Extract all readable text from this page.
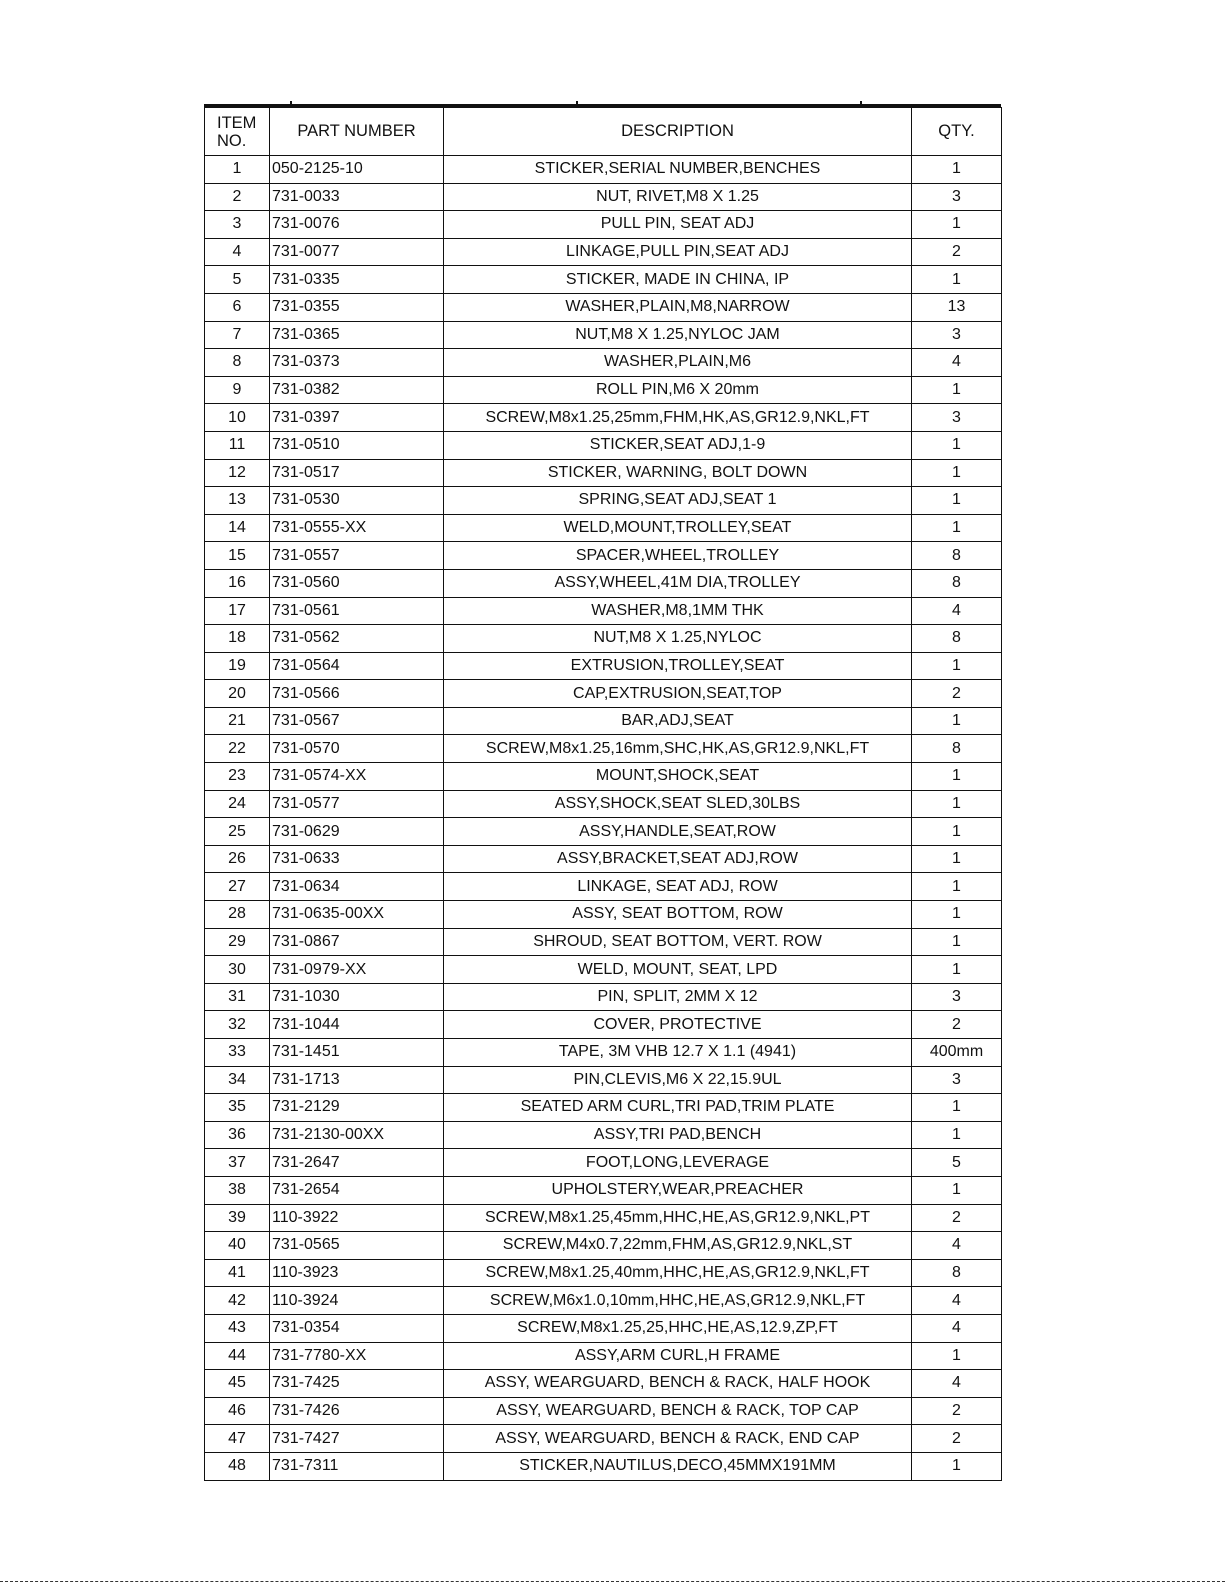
ITEM NO.	PART NUMBER	DESCRIPTION	QTY.
1	050-2125-10	STICKER,SERIAL NUMBER,BENCHES	1
2	731-0033	NUT, RIVET,M8 X 1.25	3
3	731-0076	PULL PIN, SEAT ADJ	1
4	731-0077	LINKAGE,PULL PIN,SEAT ADJ	2
5	731-0335	STICKER, MADE IN CHINA, IP	1
6	731-0355	WASHER,PLAIN,M8,NARROW	13
7	731-0365	NUT,M8 X 1.25,NYLOC JAM	3
8	731-0373	WASHER,PLAIN,M6	4
9	731-0382	ROLL PIN,M6 X 20mm	1
10	731-0397	SCREW,M8x1.25,25mm,FHM,HK,AS,GR12.9,NKL,FT	3
11	731-0510	STICKER,SEAT ADJ,1-9	1
12	731-0517	STICKER, WARNING, BOLT DOWN	1
13	731-0530	SPRING,SEAT ADJ,SEAT 1	1
14	731-0555-XX	WELD,MOUNT,TROLLEY,SEAT	1
15	731-0557	SPACER,WHEEL,TROLLEY	8
16	731-0560	ASSY,WHEEL,41M DIA,TROLLEY	8
17	731-0561	WASHER,M8,1MM THK	4
18	731-0562	NUT,M8 X 1.25,NYLOC	8
19	731-0564	EXTRUSION,TROLLEY,SEAT	1
20	731-0566	CAP,EXTRUSION,SEAT,TOP	2
21	731-0567	BAR,ADJ,SEAT	1
22	731-0570	SCREW,M8x1.25,16mm,SHC,HK,AS,GR12.9,NKL,FT	8
23	731-0574-XX	MOUNT,SHOCK,SEAT	1
24	731-0577	ASSY,SHOCK,SEAT SLED,30LBS	1
25	731-0629	ASSY,HANDLE,SEAT,ROW	1
26	731-0633	ASSY,BRACKET,SEAT ADJ,ROW	1
27	731-0634	LINKAGE, SEAT ADJ, ROW	1
28	731-0635-00XX	ASSY, SEAT BOTTOM, ROW	1
29	731-0867	SHROUD, SEAT BOTTOM, VERT. ROW	1
30	731-0979-XX	WELD, MOUNT, SEAT, LPD	1
31	731-1030	PIN, SPLIT, 2MM X 12	3
32	731-1044	COVER, PROTECTIVE	2
33	731-1451	TAPE, 3M VHB 12.7 X 1.1 (4941)	400mm
34	731-1713	PIN,CLEVIS,M6 X 22,15.9UL	3
35	731-2129	SEATED ARM CURL,TRI PAD,TRIM PLATE	1
36	731-2130-00XX	ASSY,TRI PAD,BENCH	1
37	731-2647	FOOT,LONG,LEVERAGE	5
38	731-2654	UPHOLSTERY,WEAR,PREACHER	1
39	110-3922	SCREW,M8x1.25,45mm,HHC,HE,AS,GR12.9,NKL,PT	2
40	731-0565	SCREW,M4x0.7,22mm,FHM,AS,GR12.9,NKL,ST	4
41	110-3923	SCREW,M8x1.25,40mm,HHC,HE,AS,GR12.9,NKL,FT	8
42	110-3924	SCREW,M6x1.0,10mm,HHC,HE,AS,GR12.9,NKL,FT	4
43	731-0354	SCREW,M8x1.25,25,HHC,HE,AS,12.9,ZP,FT	4
44	731-7780-XX	ASSY,ARM CURL,H FRAME	1
45	731-7425	ASSY, WEARGUARD, BENCH & RACK, HALF HOOK	4
46	731-7426	ASSY, WEARGUARD, BENCH & RACK, TOP CAP	2
47	731-7427	ASSY, WEARGUARD, BENCH & RACK, END CAP	2
48	731-7311	STICKER,NAUTILUS,DECO,45MMX191MM	1
